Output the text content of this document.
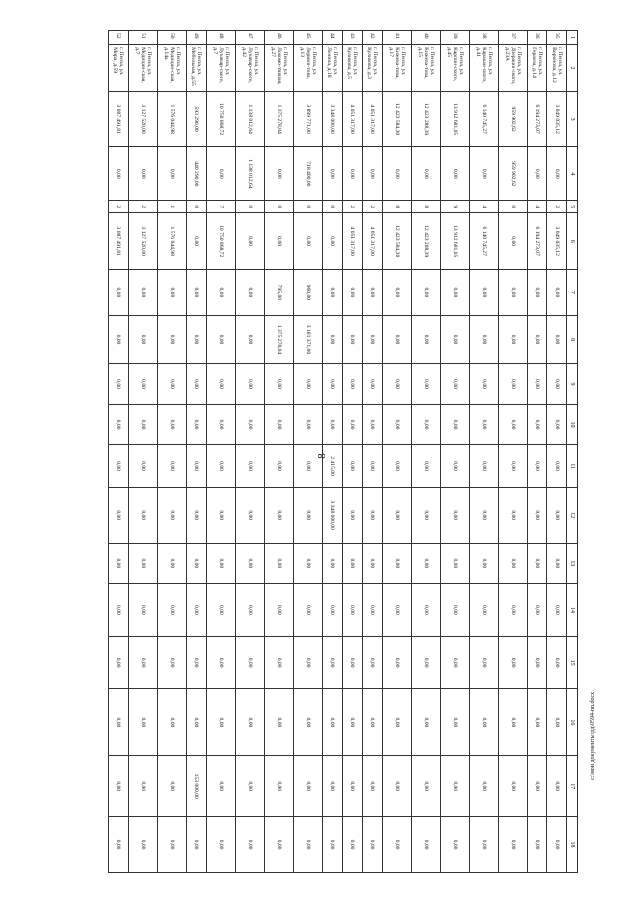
8
1	2	3	4	5	6	7	8	9	10	11	12	13	14	15	16	17	18
35	г. Пенза, ул. Воронова, д.12	3 049 035,12	0,00	2	3 049 035,12	0,00	0,00	0,00	0,00	0,00	0,00	0,00	0,00	0,00	0,00	0,00	0,00
36	г. Пенза, ул. Гераоза, д.14	6 194 273,07	0,00	4	6 194 273,07	0,00	0,00	0,00	0,00	0,00	0,00	0,00	0,00	0,00	0,00	0,00	0,00
37	г. Пенза, ул. Дзержин-ского, д.23А	959 902,62	959 902,62	0	0,00	0,00	0,00	0,00	0,00	0,00	0,00	0,00	0,00	0,00	0,00	0,00	0,00
38	г. Пенза, ул. Каракан-ского, д.41	6 140 745,27	0,00	4	6 140 745,27	0,00	0,00	0,00	0,00	0,00	0,00	0,00	0,00	0,00	0,00	0,00	0,00
39	г. Пенза, ул. Карпин-ского, д.45	13 912 681,05	0,00	9	13 912 681,05	0,00	0,00	0,00	0,00	0,00	0,00	0,00	0,00	0,00	0,00	0,00	0,00
40	г. Пенза, ул. Кижева-това, д.15	12 423 288,39	0,00	8	12 423 288,39	0,00	0,00	0,00	0,00	0,00	0,00	0,00	0,00	0,00	0,00	0,00	0,00
41	г. Пенза, ул. Кижева-това, д.17	12 423 584,30	0,00	8	12 423 584,30	0,00	0,00	0,00	0,00	0,00	0,00	0,00	0,00	0,00	0,00	0,00	0,00
42	г. Пенза, ул. Куликова, д.3	4 051 317,00	0,00	2	4 051 317,00	0,00	0,00	0,00	0,00	0,00	0,00	0,00	0,00	0,00	0,00	0,00	0,00
43	г. Пенза, ул. Куликова, д.5	4 051 317,00	0,00	2	4 051 317,00	0,00	0,00	0,00	0,00	0,00	0,00	0,00	0,00	0,00	0,00	0,00	0,00
44	г. Пенза, ул. Ленина, д.18	3 348 000,00	0,00	0	0,00	0,00	0,00	0,00	0,00	2 415,00	3 348 000,00	0,00	0,00	0,00	0,00	0,00	0,00
45	г. Пенза, ул. Лермон-това, д.13	3 899 771,00	718 400,00	0	0,00	960,00	3 181 371,00	0,00	0,00	0,00	0,00	0,00	0,00	0,00	0,00	0,00	0,00
46	г. Пенза, ул. Локомо-тивная, д.27	1 375 278,04	0,00	0	0,00	795,00	1 375 278,04	0,00	0,00	0,00	0,00	0,00	0,00	0,00	0,00	0,00	0,00
47	г. Пенза, ул. Луначар-ского, д.42	1 138 012,64	1 138 012,64	0	0,00	0,00	0,00	0,00	0,00	0,00	0,00	0,00	0,00	0,00	0,00	0,00	0,00
48	г. Пенза, ул. Луначар-ского, д.7	10 750 868,72	0,00	7	10 750 868,72	0,00	0,00	0,00	0,00	0,00	0,00	0,00	0,00	0,00	0,00	0,00	0,00
49	г. Пенза, ул. Мебельная, д.55	593 290,00	440 290,00	0	0,00	0,00	0,00	0,00	0,00	0,00	0,00	0,00	0,00	0,00	0,00	153 000,00	0,00
50	г. Пенза, ул. Медицин-ская, д.14а	1 576 044,98	0,00	1	1 576 044,98	0,00	0,00	0,00	0,00	0,00	0,00	0,00	0,00	0,00	0,00	0,00	0,00
51	г. Пенза, ул. Медицин-ская, д.7	3 127 520,00	0,00	2	3 127 520,00	0,00	0,00	0,00	0,00	0,00	0,00	0,00	0,00	0,00	0,00	0,00	0,00
52	г. Пенза, ул. Мира, д.59	3 087 491,81	0,00	2	3 087 491,81	0,00	0,00	0,00	0,00	0,00	0,00	0,00	0,00	0,00	0,00	0,00	0,00
c:\мои документы\рд\0594-nn.docx
